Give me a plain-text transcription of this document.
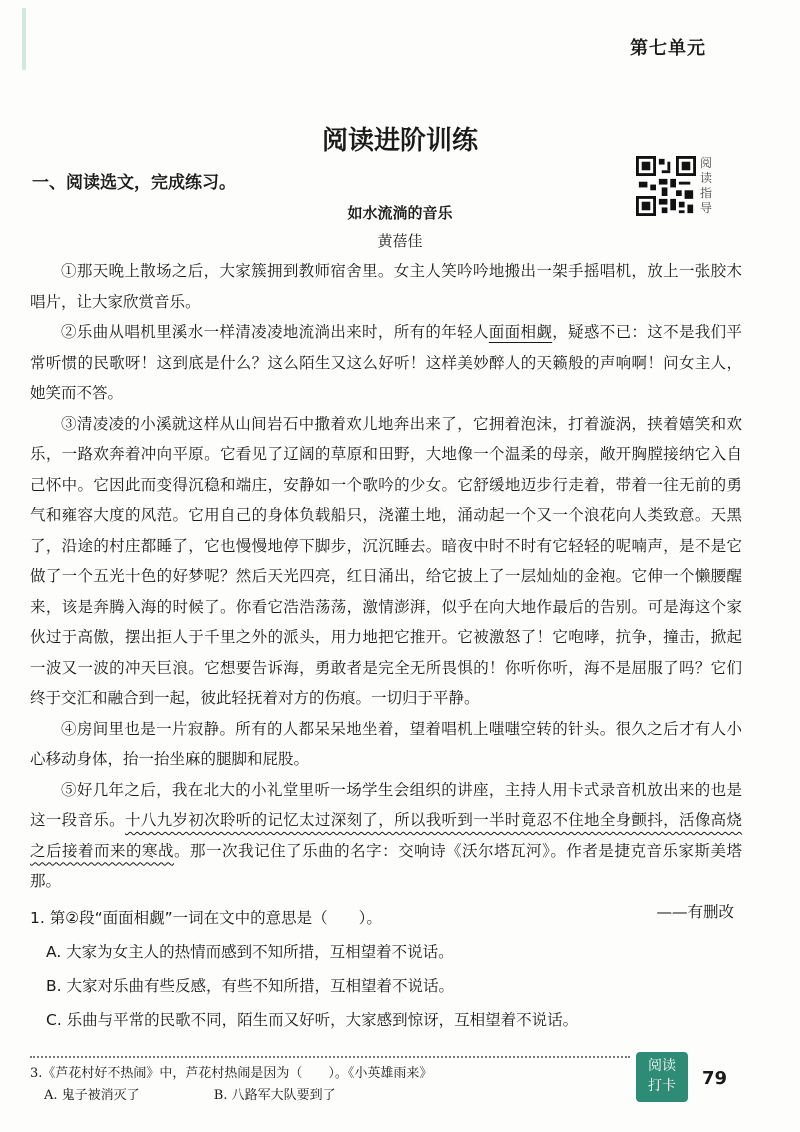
第七单元
阅读进阶训练
一、阅读选文，完成练习。
阅读指导
如水流淌的音乐
黄蓓佳

①那天晚上散场之后，大家簇拥到教师宿舍里。女主人笑吟吟地搬出一架手摇唱机，放上一张胶木唱片，让大家欣赏音乐。

②乐曲从唱机里溪水一样清凌凌地流淌出来时，所有的年轻人面面相觑，疑惑不已：这不是我们平常听惯的民歌呀！这到底是什么？这么陌生又这么好听！这样美妙醉人的天籁般的声响啊！问女主人，她笑而不答。

③清凌凌的小溪就这样从山间岩石中撒着欢儿地奔出来了，它拥着泡沫，打着漩涡，挟着嬉笑和欢乐，一路欢奔着冲向平原。它看见了辽阔的草原和田野，大地像一个温柔的母亲，敞开胸膛接纳它入自己怀中。它因此而变得沉稳和端庄，安静如一个歌吟的少女。它舒缓地迈步行走着，带着一往无前的勇气和雍容大度的风范。它用自己的身体负载船只，浇灌土地，涌动起一个又一个浪花向人类致意。天黑了，沿途的村庄都睡了，它也慢慢地停下脚步，沉沉睡去。暗夜中时不时有它轻轻的呢喃声，是不是它做了一个五光十色的好梦呢？然后天光四亮，红日涌出，给它披上了一层灿灿的金袍。它伸一个懒腰醒来，该是奔腾入海的时候了。你看它浩浩荡荡，激情澎湃，似乎在向大地作最后的告别。可是海这个家伙过于高傲，摆出拒人于千里之外的派头，用力地把它推开。它被激怒了！它咆哮，抗争，撞击，掀起一波又一波的冲天巨浪。它想要告诉海，勇敢者是完全无所畏惧的！你听你听，海不是屈服了吗？它们终于交汇和融合到一起，彼此轻抚着对方的伤痕。一切归于平静。

④房间里也是一片寂静。所有的人都呆呆地坐着，望着唱机上嗤嗤空转的针头。很久之后才有人小心移动身体，抬一抬坐麻的腿脚和屁股。

⑤好几年之后，我在北大的小礼堂里听一场学生会组织的讲座，主持人用卡式录音机放出来的也是这一段音乐。十八九岁初次聆听的记忆太过深刻了，所以我听到一半时竟忍不住地全身颤抖，活像高烧之后接着而来的寒战。那一次我记住了乐曲的名字：交响诗《沃尔塔瓦河》。作者是捷克音乐家斯美塔那。

——有删改

1. 第②段“面面相觑”一词在文中的意思是（　　）。

A. 大家为女主人的热情而感到不知所措，互相望着不说话。

B. 大家对乐曲有些反感，有些不知所措，互相望着不说话。

C. 乐曲与平常的民歌不同，陌生而又好听，大家感到惊讶，互相望着不说话。

3.《芦花村好不热闹》中，芦花村热闹是因为（　　）。《小英雄雨来》
A. 鬼子被消灭了	B. 八路军大队要到了
阅读
打卡	79
